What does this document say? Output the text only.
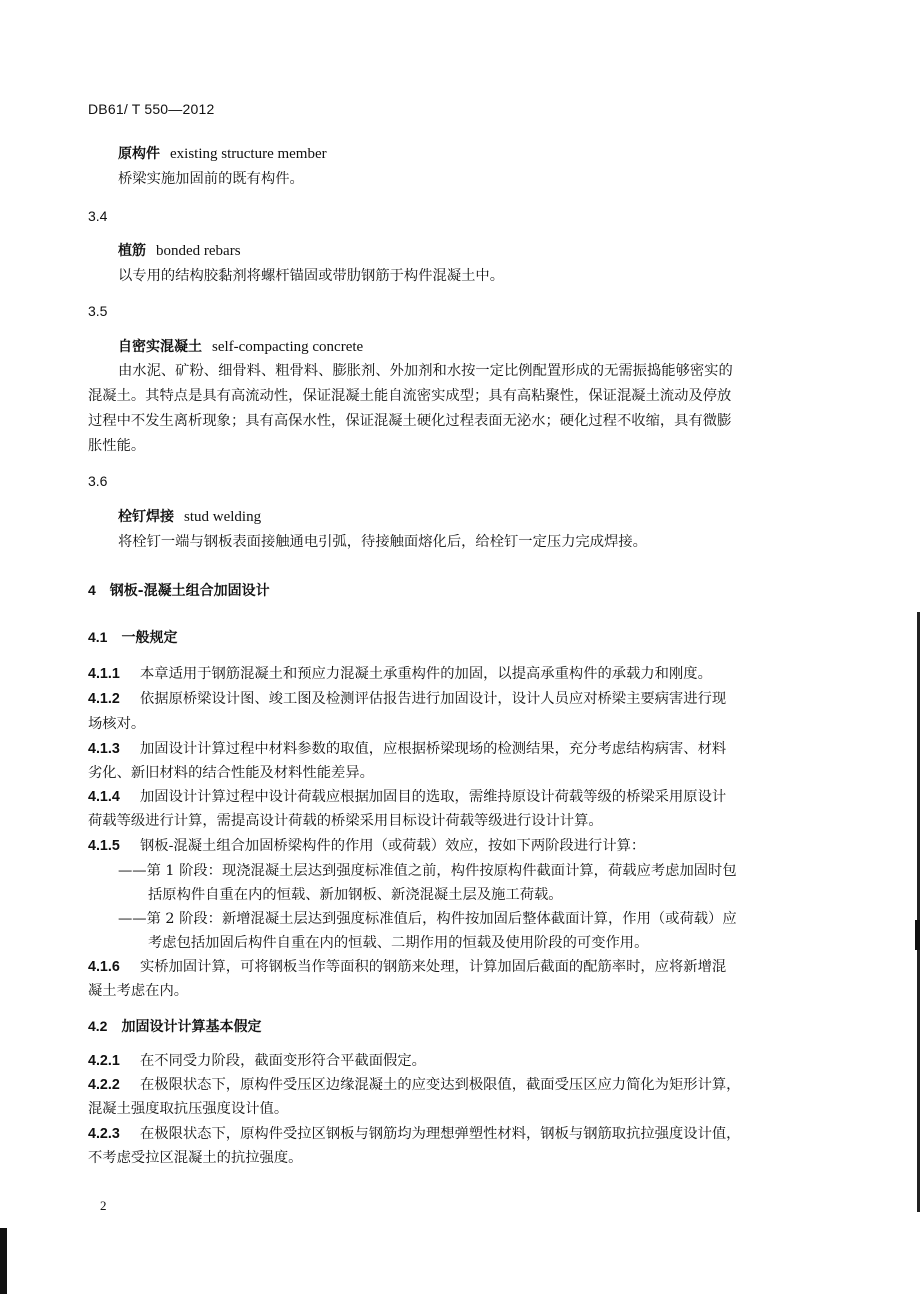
DB61/ T 550—2012
原构件 existing structure member
桥梁实施加固前的既有构件。
3.4
植筋 bonded rebars
以专用的结构胶黏剂将螺杆锚固或带肋钢筋于构件混凝土中。
3.5
自密实混凝土 self-compacting concrete
由水泥、矿粉、细骨料、粗骨料、膨胀剂、外加剂和水按一定比例配置形成的无需振捣能够密实的
混凝土。其特点是具有高流动性，保证混凝土能自流密实成型；具有高粘聚性，保证混凝土流动及停放
过程中不发生离析现象；具有高保水性，保证混凝土硬化过程表面无泌水；硬化过程不收缩，具有微膨
胀性能。
3.6
栓钉焊接 stud welding
将栓钉一端与钢板表面接触通电引弧，待接触面熔化后，给栓钉一定压力完成焊接。
4 钢板-混凝土组合加固设计
4.1 一般规定
4.1.1 本章适用于钢筋混凝土和预应力混凝土承重构件的加固，以提高承重构件的承载力和刚度。
4.1.2 依据原桥梁设计图、竣工图及检测评估报告进行加固设计，设计人员应对桥梁主要病害进行现
场核对。
4.1.3 加固设计计算过程中材料参数的取值，应根据桥梁现场的检测结果，充分考虑结构病害、材料
劣化、新旧材料的结合性能及材料性能差异。
4.1.4 加固设计计算过程中设计荷载应根据加固目的选取，需维持原设计荷载等级的桥梁采用原设计
荷载等级进行计算，需提高设计荷载的桥梁采用目标设计荷载等级进行设计计算。
4.1.5 钢板-混凝土组合加固桥梁构件的作用（或荷载）效应，按如下两阶段进行计算：
——第 1 阶段：现浇混凝土层达到强度标准值之前，构件按原构件截面计算，荷载应考虑加固时包
括原构件自重在内的恒载、新加钢板、新浇混凝土层及施工荷载。
——第 2 阶段：新增混凝土层达到强度标准值后，构件按加固后整体截面计算，作用（或荷载）应
考虑包括加固后构件自重在内的恒载、二期作用的恒载及使用阶段的可变作用。
4.1.6 实桥加固计算，可将钢板当作等面积的钢筋来处理，计算加固后截面的配筋率时，应将新增混
凝土考虑在内。
4.2 加固设计计算基本假定
4.2.1 在不同受力阶段，截面变形符合平截面假定。
4.2.2 在极限状态下，原构件受压区边缘混凝土的应变达到极限值，截面受压区应力简化为矩形计算，
混凝土强度取抗压强度设计值。
4.2.3 在极限状态下，原构件受拉区钢板与钢筋均为理想弹塑性材料，钢板与钢筋取抗拉强度设计值，
不考虑受拉区混凝土的抗拉强度。
2
